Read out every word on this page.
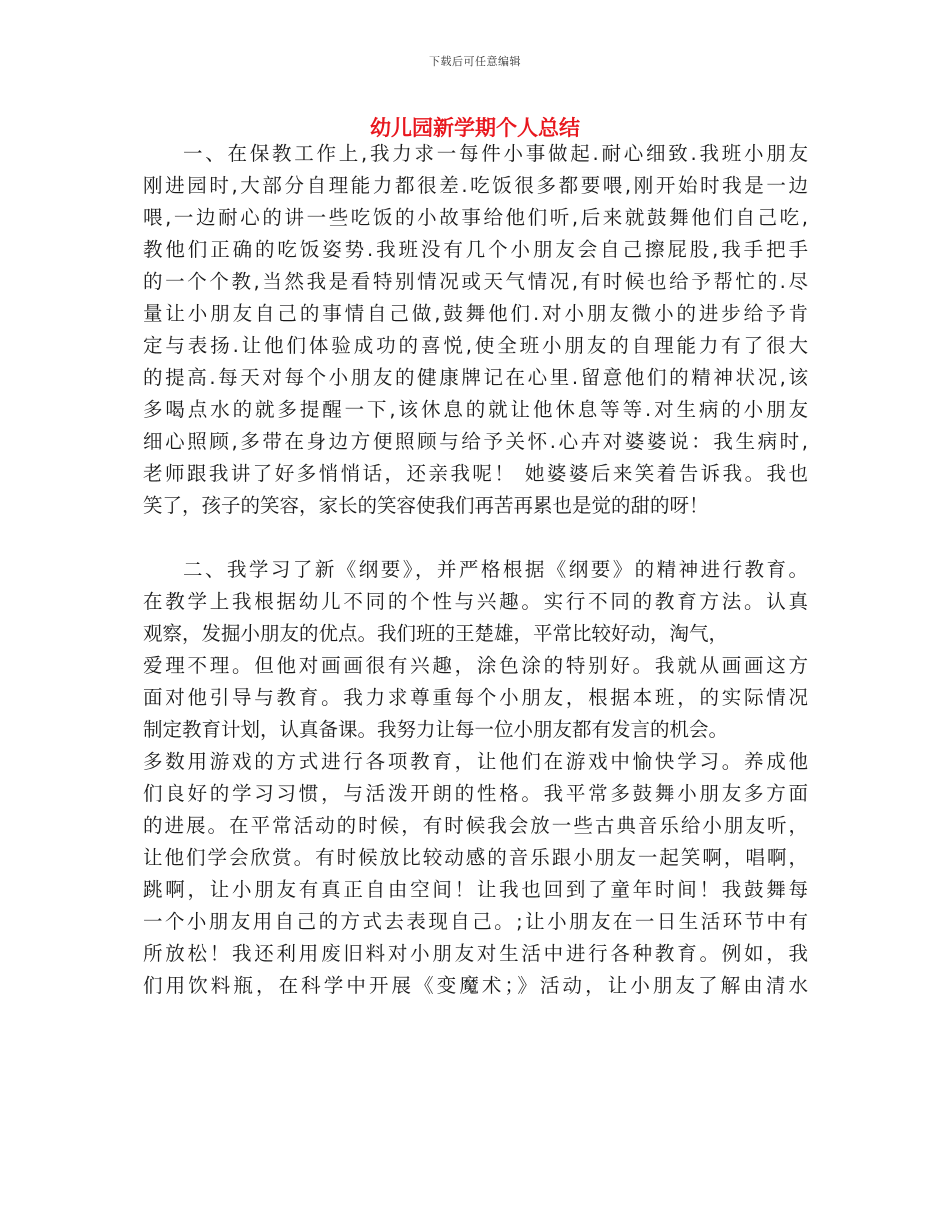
下载后可任意编辑
幼儿园新学期个人总结
一、在保教工作上,我力求一每件小事做起.耐心细致.我班小朋友
刚进园时,大部分自理能力都很差.吃饭很多都要喂,刚开始时我是一边
喂,一边耐心的讲一些吃饭的小故事给他们听,后来就鼓舞他们自己吃,
教他们正确的吃饭姿势.我班没有几个小朋友会自己擦屁股,我手把手
的一个个教,当然我是看特别情况或天气情况,有时候也给予帮忙的.尽
量让小朋友自己的事情自己做,鼓舞他们.对小朋友微小的进步给予肯
定与表扬.让他们体验成功的喜悦,使全班小朋友的自理能力有了很大
的提高.每天对每个小朋友的健康牌记在心里.留意他们的精神状况,该
多喝点水的就多提醒一下,该休息的就让他休息等等.对生病的小朋友
细心照顾,多带在身边方便照顾与给予关怀.心卉对婆婆说：我生病时,
老师跟我讲了好多悄悄话，还亲我呢！ 她婆婆后来笑着告诉我。我也
笑了，孩子的笑容，家长的笑容使我们再苦再累也是觉的甜的呀！
二、我学习了新《纲要》，并严格根据《纲要》的精神进行教育。
在教学上我根据幼儿不同的个性与兴趣。实行不同的教育方法。认真
观察，发掘小朋友的优点。我们班的王楚雄，平常比较好动，淘气，
爱理不理。但他对画画很有兴趣，涂色涂的特别好。我就从画画这方
面对他引导与教育。我力求尊重每个小朋友，根据本班，的实际情况
制定教育计划，认真备课。我努力让每一位小朋友都有发言的机会。
多数用游戏的方式进行各项教育，让他们在游戏中愉快学习。养成他
们良好的学习习惯，与活泼开朗的性格。我平常多鼓舞小朋友多方面
的进展。在平常活动的时候，有时候我会放一些古典音乐给小朋友听，
让他们学会欣赏。有时候放比较动感的音乐跟小朋友一起笑啊，唱啊，
跳啊，让小朋友有真正自由空间！让我也回到了童年时间！我鼓舞每
一个小朋友用自己的方式去表现自己。;让小朋友在一日生活环节中有
所放松！我还利用废旧料对小朋友对生活中进行各种教育。例如，我
们用饮料瓶，在科学中开展《变魔术；》活动，让小朋友了解由清水
